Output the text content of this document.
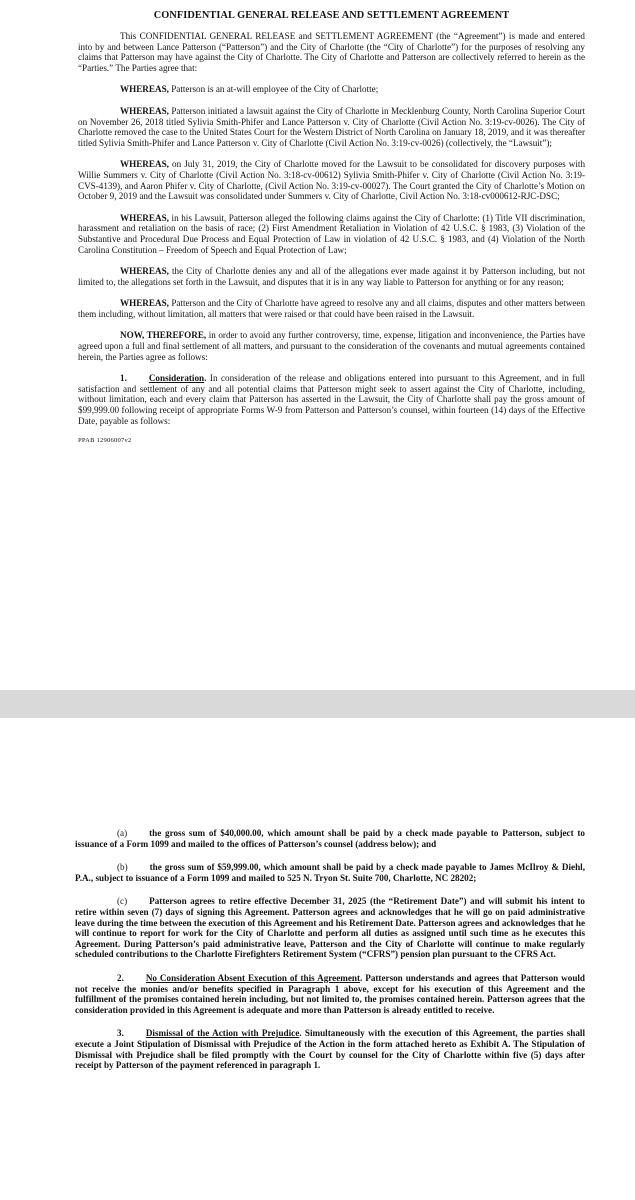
CONFIDENTIAL GENERAL RELEASE AND SETTLEMENT AGREEMENT

This CONFIDENTIAL GENERAL RELEASE and SETTLEMENT AGREEMENT (the “Agreement”) is made and entered into by and between Lance Patterson (“Patterson”) and the City of Charlotte (the “City of Charlotte”) for the purposes of resolving any claims that Patterson may have against the City of Charlotte. The City of Charlotte and Patterson are collectively referred to herein as the “Parties.” The Parties agree that:

WHEREAS, Patterson is an at-will employee of the City of Charlotte;

WHEREAS, Patterson initiated a lawsuit against the City of Charlotte in Mecklenburg County, North Carolina Superior Court on November 26, 2018 titled Sylivia Smith-Phifer and Lance Patterson v. City of Charlotte (Civil Action No. 3:19-cv-0026). The City of Charlotte removed the case to the United States Court for the Western District of North Carolina on January 18, 2019, and it was thereafter titled Sylivia Smith-Phifer and Lance Patterson v. City of Charlotte (Civil Action No. 3:19-cv-0026) (collectively, the “Lawsuit”);

WHEREAS, on July 31, 2019, the City of Charlotte moved for the Lawsuit to be consolidated for discovery purposes with Willie Summers v. City of Charlotte (Civil Action No. 3:18-cv-00612) Sylivia Smith-Phifer v. City of Charlotte (Civil Action No. 3:19-CVS-4139), and Aaron Phifer v. City of Charlotte, (Civil Action No. 3:19-cv-00027). The Court granted the City of Charlotte’s Motion on October 9, 2019 and the Lawsuit was consolidated under Summers v. City of Charlotte, Civil Action No. 3:18-cv000612-RJC-DSC;

WHEREAS, in his Lawsuit, Patterson alleged the following claims against the City of Charlotte: (1) Title VII discrimination, harassment and retaliation on the basis of race; (2) First Amendment Retaliation in Violation of 42 U.S.C. § 1983, (3) Violation of the Substantive and Procedural Due Process and Equal Protection of Law in violation of 42 U.S.C. § 1983, and (4) Violation of the North Carolina Constitution – Freedom of Speech and Equal Protection of Law;

WHEREAS, the City of Charlotte denies any and all of the allegations ever made against it by Patterson including, but not limited to, the allegations set forth in the Lawsuit, and disputes that it is in any way liable to Patterson for anything or for any reason;

WHEREAS, Patterson and the City of Charlotte have agreed to resolve any and all claims, disputes and other matters between them including, without limitation, all matters that were raised or that could have been raised in the Lawsuit.

NOW, THEREFORE, in order to avoid any further controversy, time, expense, litigation and inconvenience, the Parties have agreed upon a full and final settlement of all matters, and pursuant to the consideration of the covenants and mutual agreements contained herein, the Parties agree as follows:

1. Consideration. In consideration of the release and obligations entered into pursuant to this Agreement, and in full satisfaction and settlement of any and all potential claims that Patterson might seek to assert against the City of Charlotte, including, without limitation, each and every claim that Patterson has asserted in the Lawsuit, the City of Charlotte shall pay the gross amount of $99,999.00 following receipt of appropriate Forms W-9 from Patterson and Patterson’s counsel, within fourteen (14) days of the Effective Date, payable as follows:

PPAB 12906007v2

(a) the gross sum of $40,000.00, which amount shall be paid by a check made payable to Patterson, subject to issuance of a Form 1099 and mailed to the offices of Patterson’s counsel (address below); and

(b) the gross sum of $59,999.00, which amount shall be paid by a check made payable to James McIlroy & Diehl, P.A., subject to issuance of a Form 1099 and mailed to 525 N. Tryon St. Suite 700, Charlotte, NC 28202;

(c) Patterson agrees to retire effective December 31, 2025 (the “Retirement Date”) and will submit his intent to retire within seven (7) days of signing this Agreement. Patterson agrees and acknowledges that he will go on paid administrative leave during the time between the execution of this Agreement and his Retirement Date. Patterson agrees and acknowledges that he will continue to report for work for the City of Charlotte and perform all duties as assigned until such time as he executes this Agreement. During Patterson’s paid administrative leave, Patterson and the City of Charlotte will continue to make regularly scheduled contributions to the Charlotte Firefighters Retirement System (“CFRS”) pension plan pursuant to the CFRS Act.

2. No Consideration Absent Execution of this Agreement. Patterson understands and agrees that Patterson would not receive the monies and/or benefits specified in Paragraph 1 above, except for his execution of this Agreement and the fulfillment of the promises contained herein including, but not limited to, the promises contained herein. Patterson agrees that the consideration provided in this Agreement is adequate and more than Patterson is already entitled to receive.

3. Dismissal of the Action with Prejudice. Simultaneously with the execution of this Agreement, the parties shall execute a Joint Stipulation of Dismissal with Prejudice of the Action in the form attached hereto as Exhibit A. The Stipulation of Dismissal with Prejudice shall be filed promptly with the Court by counsel for the City of Charlotte within five (5) days after receipt by Patterson of the payment referenced in paragraph 1.
